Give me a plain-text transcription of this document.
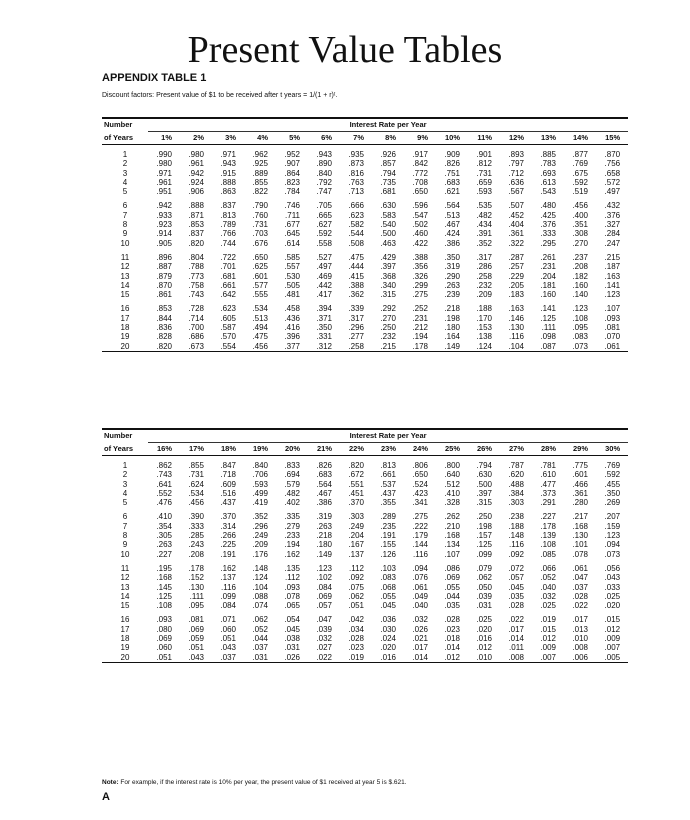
Present Value Tables
APPENDIX TABLE 1
Discount factors: Present value of $1 to be received after t years = 1/(1 + r)ᵗ.
Number	Interest Rate per Year														
of Years	1%	2%	3%	4%	5%	6%	7%	8%	9%	10%	11%	12%	13%	14%	15%

1	.990	.980	.971	.962	.952	.943	.935	.926	.917	.909	.901	.893	.885	.877	.870
2	.980	.961	.943	.925	.907	.890	.873	.857	.842	.826	.812	.797	.783	.769	.756
3	.971	.942	.915	.889	.864	.840	.816	.794	.772	.751	.731	.712	.693	.675	.658
4	.961	.924	.888	.855	.823	.792	.763	.735	.708	.683	.659	.636	.613	.592	.572
5	.951	.906	.863	.822	.784	.747	.713	.681	.650	.621	.593	.567	.543	.519	.497

6	.942	.888	.837	.790	.746	.705	.666	.630	.596	.564	.535	.507	.480	.456	.432
7	.933	.871	.813	.760	.711	.665	.623	.583	.547	.513	.482	.452	.425	.400	.376
8	.923	.853	.789	.731	.677	.627	.582	.540	.502	.467	.434	.404	.376	.351	.327
9	.914	.837	.766	.703	.645	.592	.544	.500	.460	.424	.391	.361	.333	.308	.284
10	.905	.820	.744	.676	.614	.558	.508	.463	.422	.386	.352	.322	.295	.270	.247

11	.896	.804	.722	.650	.585	.527	.475	.429	.388	.350	.317	.287	.261	.237	.215
12	.887	.788	.701	.625	.557	.497	.444	.397	.356	.319	.286	.257	.231	.208	.187
13	.879	.773	.681	.601	.530	.469	.415	.368	.326	.290	.258	.229	.204	.182	.163
14	.870	.758	.661	.577	.505	.442	.388	.340	.299	.263	.232	.205	.181	.160	.141
15	.861	.743	.642	.555	.481	.417	.362	.315	.275	.239	.209	.183	.160	.140	.123

16	.853	.728	.623	.534	.458	.394	.339	.292	.252	.218	.188	.163	.141	.123	.107
17	.844	.714	.605	.513	.436	.371	.317	.270	.231	.198	.170	.146	.125	.108	.093
18	.836	.700	.587	.494	.416	.350	.296	.250	.212	.180	.153	.130	.111	.095	.081
19	.828	.686	.570	.475	.396	.331	.277	.232	.194	.164	.138	.116	.098	.083	.070
20	.820	.673	.554	.456	.377	.312	.258	.215	.178	.149	.124	.104	.087	.073	.061
Number	Interest Rate per Year														
of Years	16%	17%	18%	19%	20%	21%	22%	23%	24%	25%	26%	27%	28%	29%	30%

1	.862	.855	.847	.840	.833	.826	.820	.813	.806	.800	.794	.787	.781	.775	.769
2	.743	.731	.718	.706	.694	.683	.672	.661	.650	.640	.630	.620	.610	.601	.592
3	.641	.624	.609	.593	.579	.564	.551	.537	.524	.512	.500	.488	.477	.466	.455
4	.552	.534	.516	.499	.482	.467	.451	.437	.423	.410	.397	.384	.373	.361	.350
5	.476	.456	.437	.419	.402	.386	.370	.355	.341	.328	.315	.303	.291	.280	.269

6	.410	.390	.370	.352	.335	.319	.303	.289	.275	.262	.250	.238	.227	.217	.207
7	.354	.333	.314	.296	.279	.263	.249	.235	.222	.210	.198	.188	.178	.168	.159
8	.305	.285	.266	.249	.233	.218	.204	.191	.179	.168	.157	.148	.139	.130	.123
9	.263	.243	.225	.209	.194	.180	.167	.155	.144	.134	.125	.116	.108	.101	.094
10	.227	.208	.191	.176	.162	.149	.137	.126	.116	.107	.099	.092	.085	.078	.073

11	.195	.178	.162	.148	.135	.123	.112	.103	.094	.086	.079	.072	.066	.061	.056
12	.168	.152	.137	.124	.112	.102	.092	.083	.076	.069	.062	.057	.052	.047	.043
13	.145	.130	.116	.104	.093	.084	.075	.068	.061	.055	.050	.045	.040	.037	.033
14	.125	.111	.099	.088	.078	.069	.062	.055	.049	.044	.039	.035	.032	.028	.025
15	.108	.095	.084	.074	.065	.057	.051	.045	.040	.035	.031	.028	.025	.022	.020

16	.093	.081	.071	.062	.054	.047	.042	.036	.032	.028	.025	.022	.019	.017	.015
17	.080	.069	.060	.052	.045	.039	.034	.030	.026	.023	.020	.017	.015	.013	.012
18	.069	.059	.051	.044	.038	.032	.028	.024	.021	.018	.016	.014	.012	.010	.009
19	.060	.051	.043	.037	.031	.027	.023	.020	.017	.014	.012	.011	.009	.008	.007
20	.051	.043	.037	.031	.026	.022	.019	.016	.014	.012	.010	.008	.007	.006	.005
Note: For example, if the interest rate is 10% per year, the present value of $1 received at year 5 is $.621.
A
